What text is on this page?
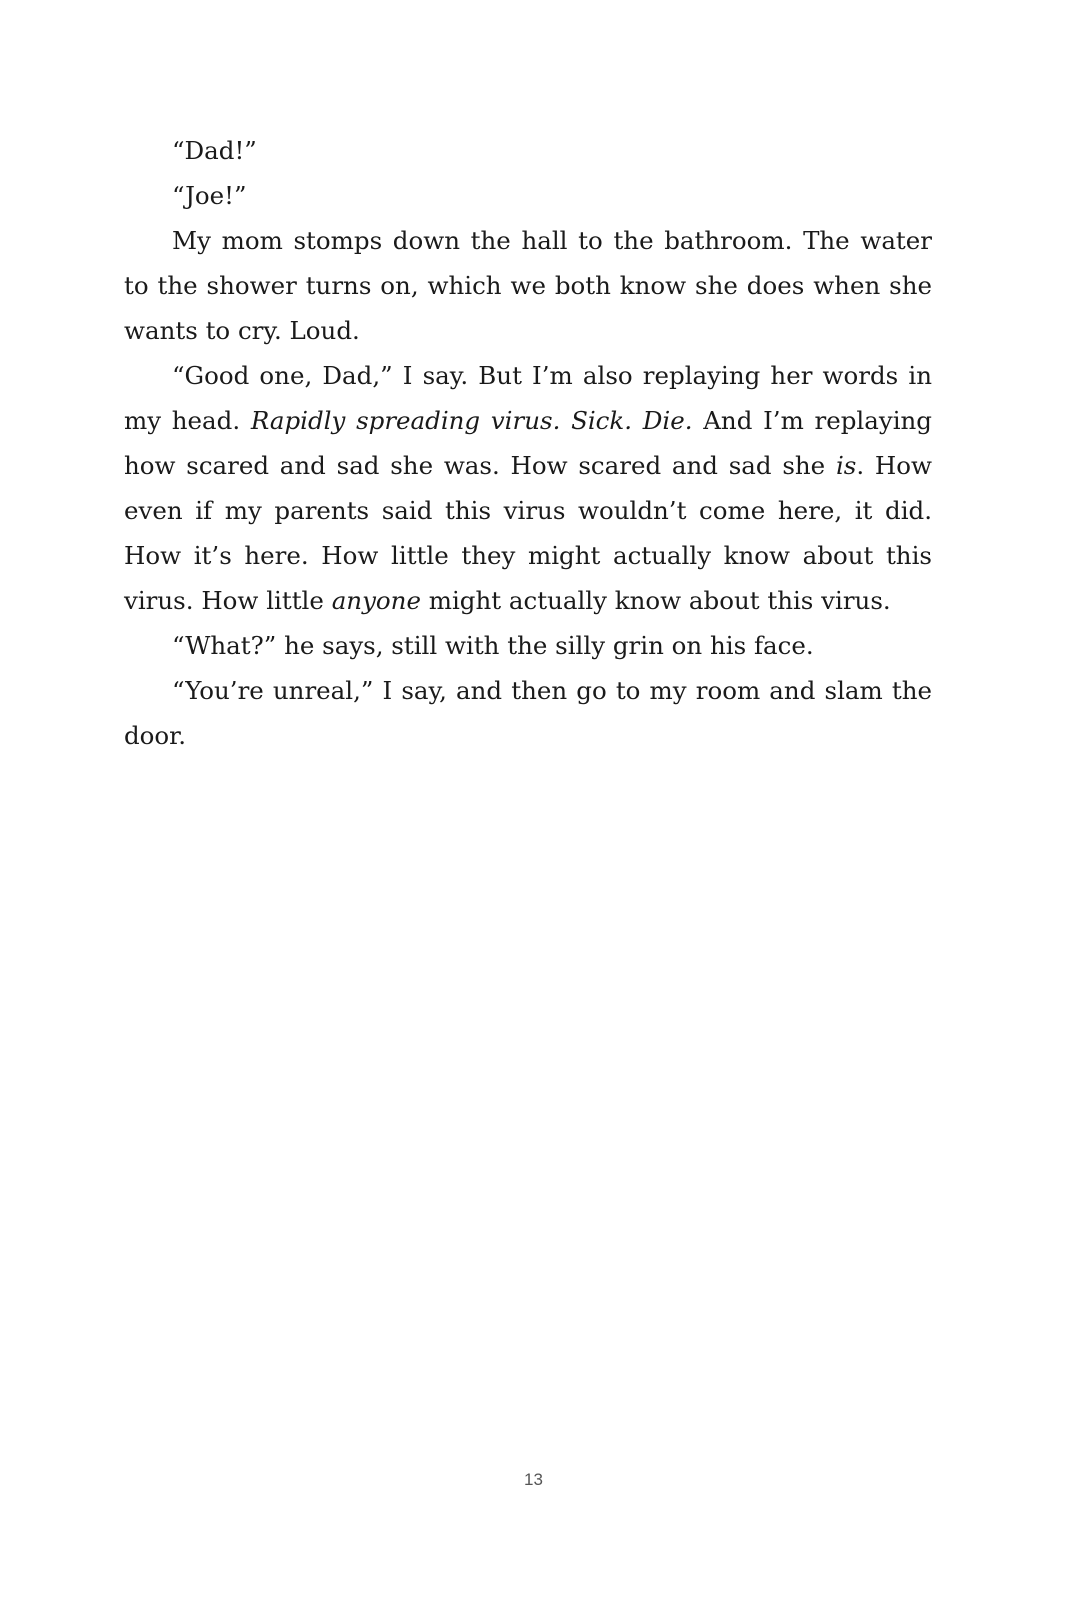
“Dad!”

“Joe!”

My mom stomps down the hall to the bathroom. The water to the shower turns on, which we both know she does when she wants to cry. Loud.

“Good one, Dad,” I say. But I’m also replaying her words in my head. Rapidly spreading virus. Sick. Die. And I’m replaying how scared and sad she was. How scared and sad she is. How even if my parents said this virus wouldn’t come here, it did. How it’s here. How little they might actually know about this virus. How little anyone might actually know about this virus.

“What?” he says, still with the silly grin on his face.

“You’re unreal,” I say, and then go to my room and slam the door.

13
